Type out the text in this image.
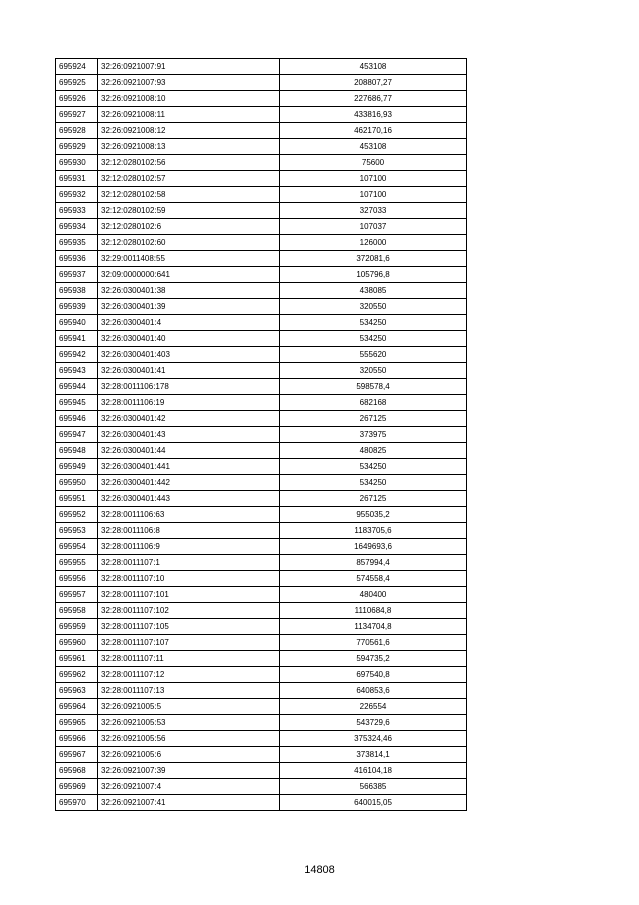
695924	32:26:0921007:91	453108
695925	32:26:0921007:93	208807,27
695926	32:26:0921008:10	227686,77
695927	32:26:0921008:11	433816,93
695928	32:26:0921008:12	462170,16
695929	32:26:0921008:13	453108
695930	32:12:0280102:56	75600
695931	32:12:0280102:57	107100
695932	32:12:0280102:58	107100
695933	32:12:0280102:59	327033
695934	32:12:0280102:6	107037
695935	32:12:0280102:60	126000
695936	32:29:0011408:55	372081,6
695937	32:09:0000000:641	105796,8
695938	32:26:0300401:38	438085
695939	32:26:0300401:39	320550
695940	32:26:0300401:4	534250
695941	32:26:0300401:40	534250
695942	32:26:0300401:403	555620
695943	32:26:0300401:41	320550
695944	32:28:0011106:178	598578,4
695945	32:28:0011106:19	682168
695946	32:26:0300401:42	267125
695947	32:26:0300401:43	373975
695948	32:26:0300401:44	480825
695949	32:26:0300401:441	534250
695950	32:26:0300401:442	534250
695951	32:26:0300401:443	267125
695952	32:28:0011106:63	955035,2
695953	32:28:0011106:8	1183705,6
695954	32:28:0011106:9	1649693,6
695955	32:28:0011107:1	857994,4
695956	32:28:0011107:10	574558,4
695957	32:28:0011107:101	480400
695958	32:28:0011107:102	1110684,8
695959	32:28:0011107:105	1134704,8
695960	32:28:0011107:107	770561,6
695961	32:28:0011107:11	594735,2
695962	32:28:0011107:12	697540,8
695963	32:28:0011107:13	640853,6
695964	32:26:0921005:5	226554
695965	32:26:0921005:53	543729,6
695966	32:26:0921005:56	375324,46
695967	32:26:0921005:6	373814,1
695968	32:26:0921007:39	416104,18
695969	32:26:0921007:4	566385
695970	32:26:0921007:41	640015,05
14808
